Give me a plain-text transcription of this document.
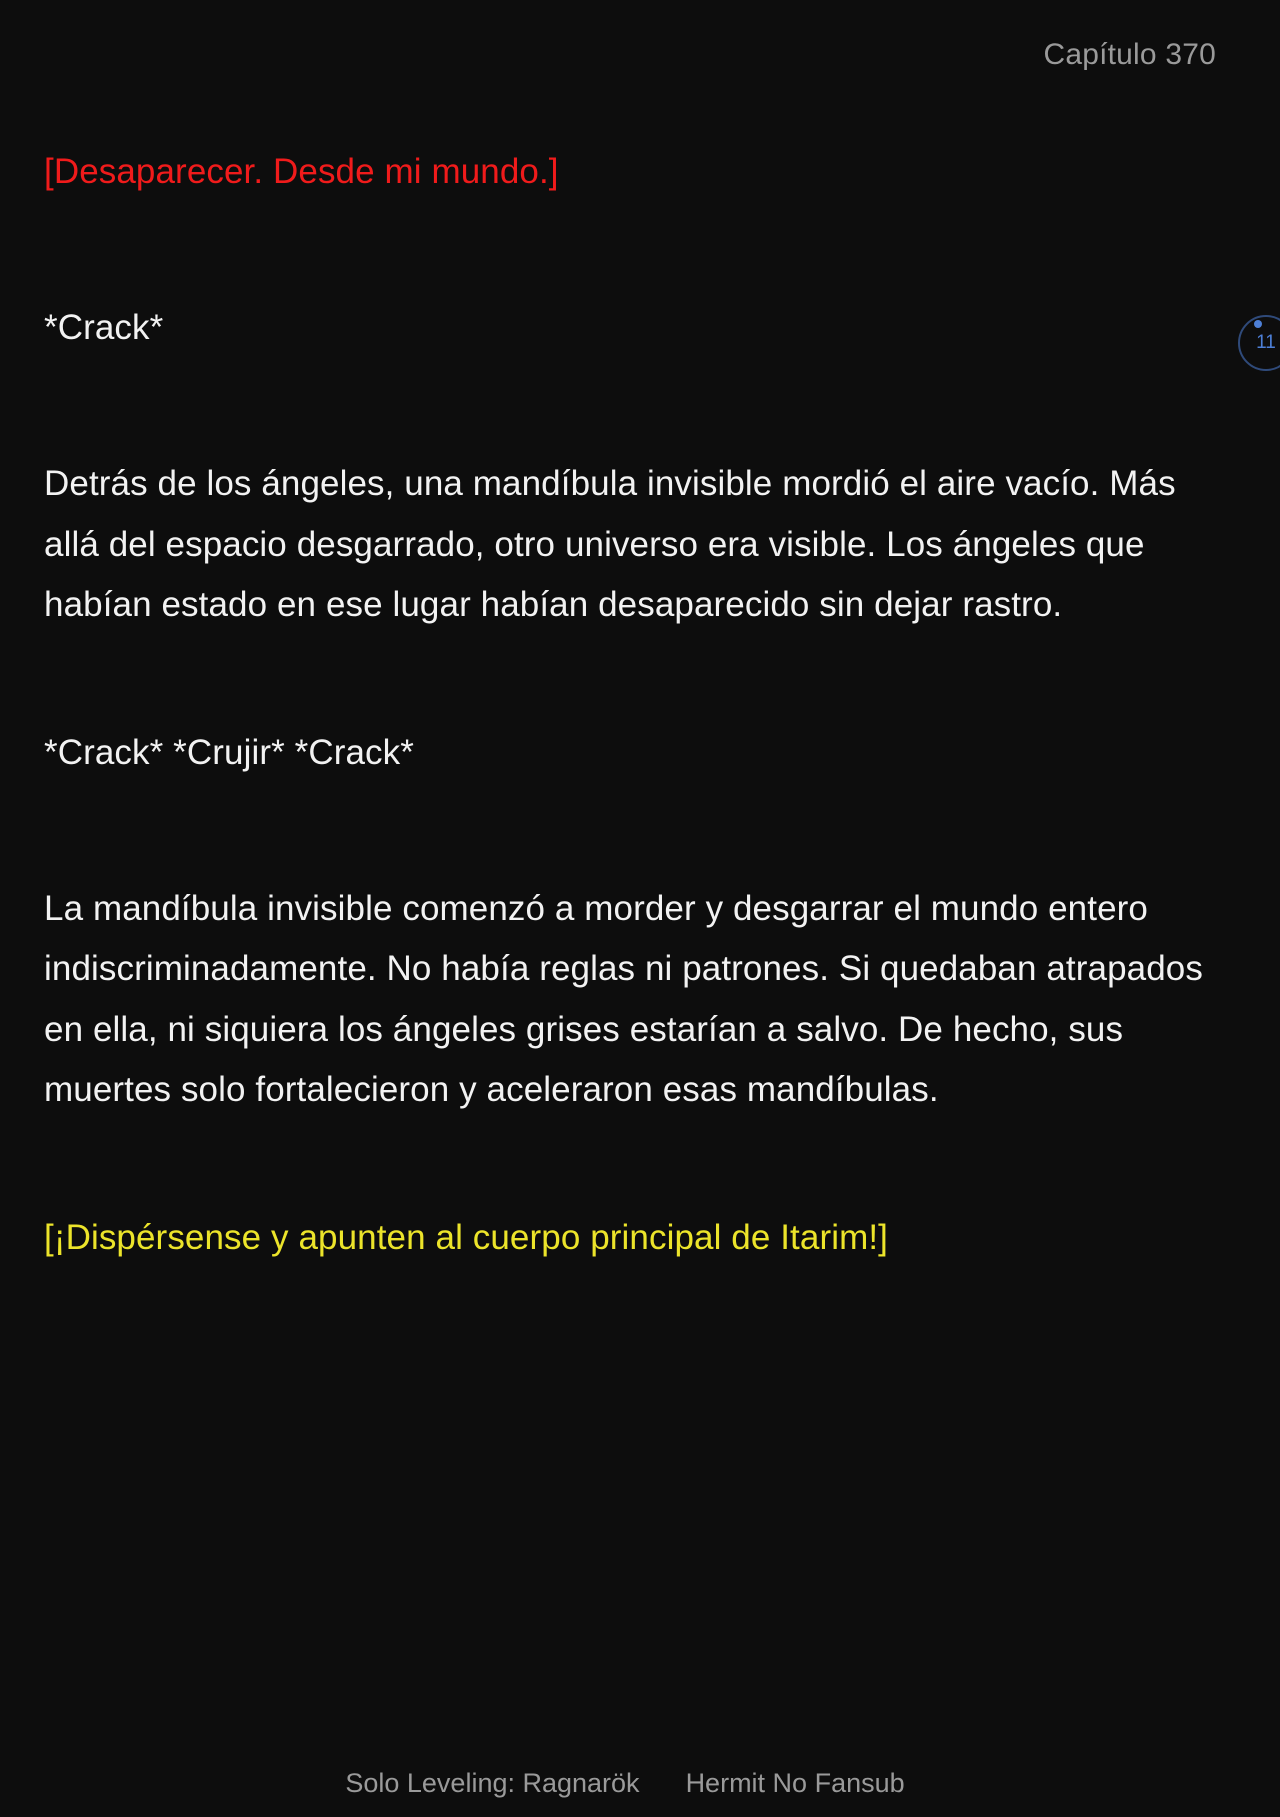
Capítulo 370
11

[Desaparecer. Desde mi mundo.]

*Crack*

Detrás de los ángeles, una mandíbula invisible mordió el aire vacío. Más allá del espacio desgarrado, otro universo era visible. Los ángeles que habían estado en ese lugar habían desaparecido sin dejar rastro.

*Crack* *Crujir* *Crack*

La mandíbula invisible comenzó a morder y desgarrar el mundo entero indiscriminadamente. No había reglas ni patrones. Si quedaban atrapados en ella, ni siquiera los ángeles grises estarían a salvo. De hecho, sus muertes solo fortalecieron y aceleraron esas mandíbulas.

[¡Dispérsense y apunten al cuerpo principal de Itarim!]

Solo Leveling: Ragnarök Hermit No Fansub
